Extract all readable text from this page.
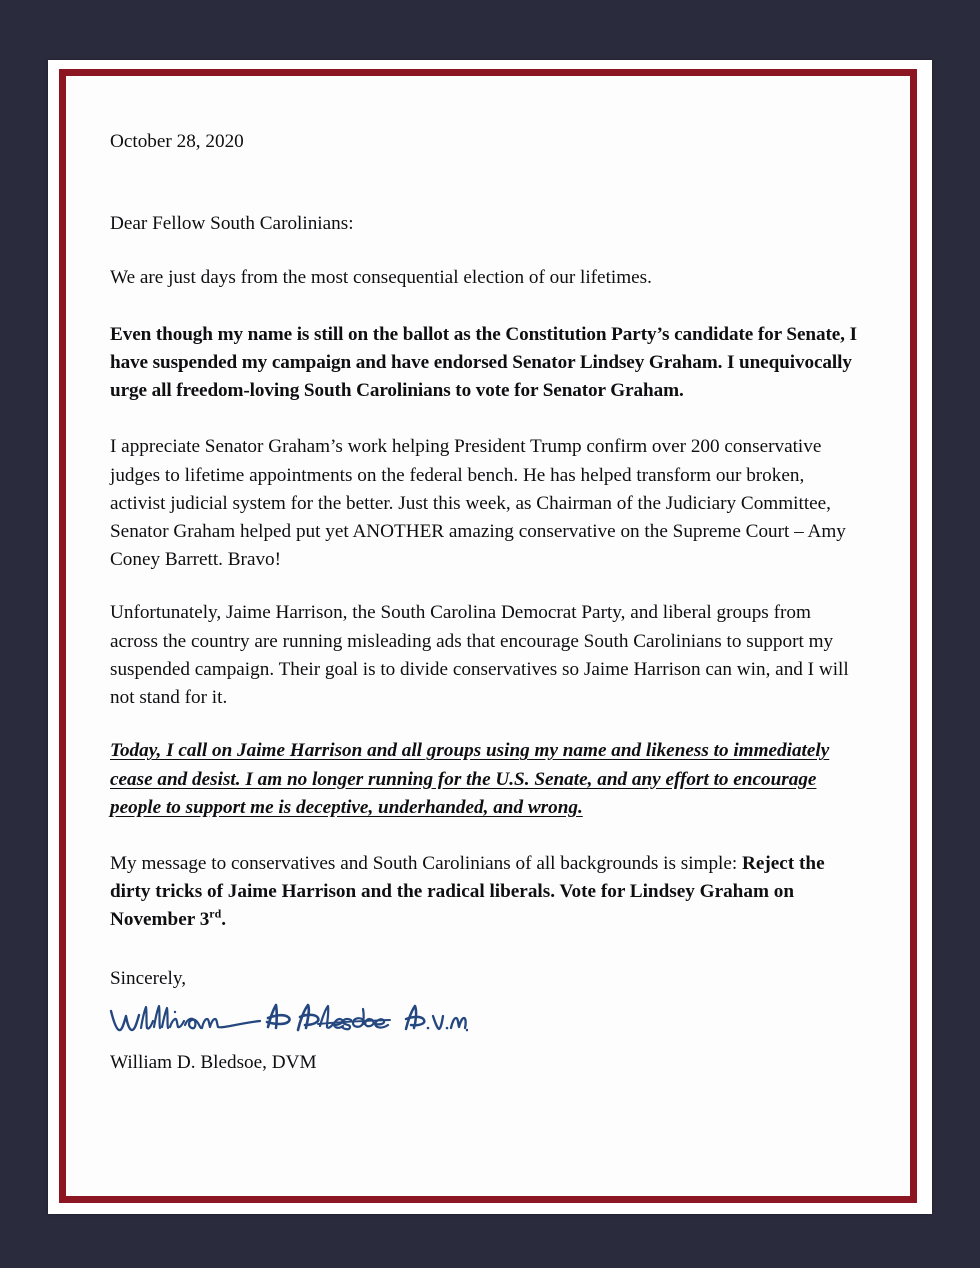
October 28, 2020
Dear Fellow South Carolinians:

We are just days from the most consequential election of our lifetimes.

Even though my name is still on the ballot as the Constitution Party’s candidate for Senate, I have suspended my campaign and have endorsed Senator Lindsey Graham. I unequivocally urge all freedom-loving South Carolinians to vote for Senator Graham.

I appreciate Senator Graham’s work helping President Trump confirm over 200 conservative judges to lifetime appointments on the federal bench. He has helped transform our broken, activist judicial system for the better. Just this week, as Chairman of the Judiciary Committee, Senator Graham helped put yet ANOTHER amazing conservative on the Supreme Court – Amy Coney Barrett. Bravo!

Unfortunately, Jaime Harrison, the South Carolina Democrat Party, and liberal groups from across the country are running misleading ads that encourage South Carolinians to support my suspended campaign. Their goal is to divide conservatives so Jaime Harrison can win, and I will not stand for it.

Today, I call on Jaime Harrison and all groups using my name and likeness to immediately cease and desist. I am no longer running for the U.S. Senate, and any effort to encourage people to support me is deceptive, underhanded, and wrong.

My message to conservatives and South Carolinians of all backgrounds is simple: Reject the dirty tricks of Jaime Harrison and the radical liberals. Vote for Lindsey Graham on November 3rd.

Sincerely,

William D. Bledsoe, DVM
